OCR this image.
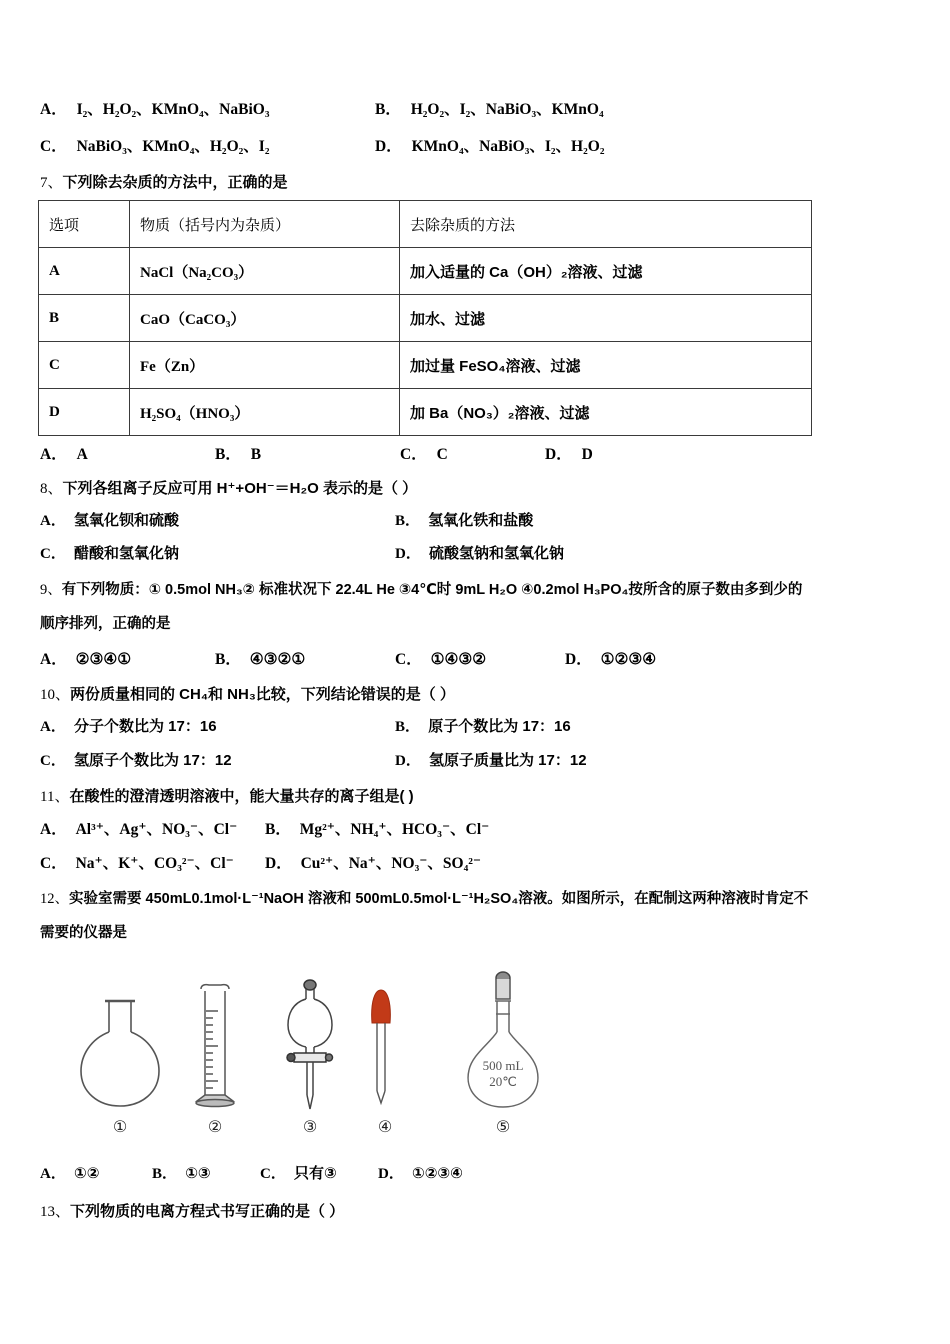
A． I₂、H₂O₂、KMnO₄、NaBiO₃	B． H₂O₂、I₂、NaBiO₃、KMnO₄
C． NaBiO₃、KMnO₄、H₂O₂、I₂	D． KMnO₄、NaBiO₃、I₂、H₂O₂
7、下列除去杂质的方法中，正确的是
选项	物质（括号内为杂质）	去除杂质的方法
A	NaCl（Na₂CO₃）	加入适量的 Ca（OH）₂溶液、过滤
B	CaO（CaCO₃）	加水、过滤
C	Fe（Zn）	加过量 FeSO₄溶液、过滤
D	H₂SO₄（HNO₃）	加 Ba（NO₃）₂溶液、过滤
A． A	B． B	C． C	D． D
8、下列各组离子反应可用 H⁺+OH⁻＝H₂O 表示的是（ ）
A． 氢氧化钡和硫酸	B． 氢氧化铁和盐酸
C． 醋酸和氢氧化钠	D． 硫酸氢钠和氢氧化钠
9、有下列物质：① 0.5mol NH₃② 标准状况下 22.4L He ③4℃时 9mL H₂O ④0.2mol H₃PO₄按所含的原子数由多到少的
顺序排列，正确的是
A． ②③④①	B． ④③②①	C． ①④③②	D． ①②③④
10、两份质量相同的 CH₄和 NH₃比较，下列结论错误的是（ ）
A． 分子个数比为 17：16	B． 原子个数比为 17：16
C． 氢原子个数比为 17：12	D． 氢原子质量比为 17：12
11、在酸性的澄清透明溶液中，能大量共存的离子组是( )
A． Al³⁺、Ag⁺、NO₃⁻、Cl⁻ B． Mg²⁺、NH₄⁺、HCO₃⁻、Cl⁻
C． Na⁺、K⁺、CO₃²⁻、Cl⁻ D． Cu²⁺、Na⁺、NO₃⁻、SO₄²⁻
12、实验室需要 450mL0.1mol·L⁻¹NaOH 溶液和 500mL0.5mol·L⁻¹H₂SO₄溶液。如图所示，在配制这两种溶液时肯定不
需要的仪器是
500 mL
20℃
①	②	③	④	⑤
A． ①②	B． ①③	C． 只有③	D． ①②③④
13、下列物质的电离方程式书写正确的是（ ）
